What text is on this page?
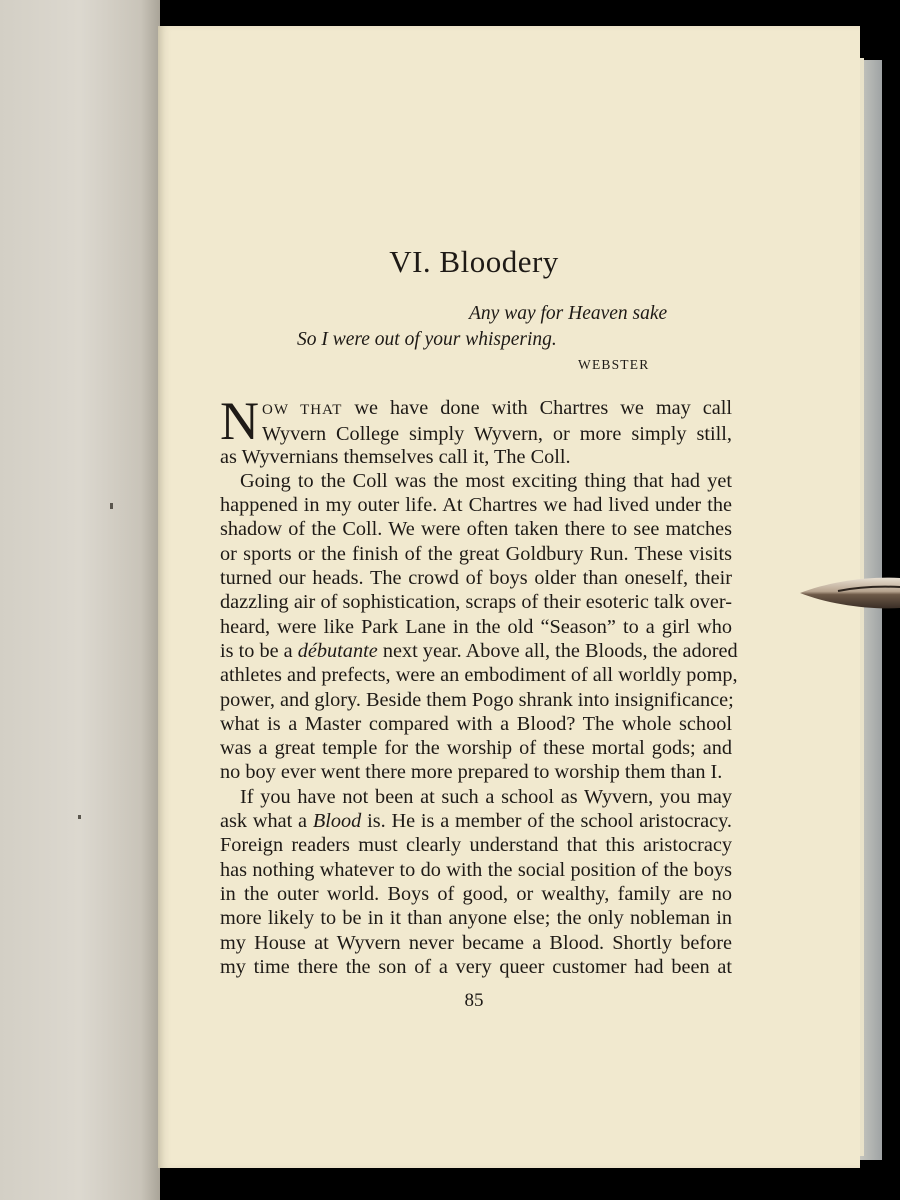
VI. Bloodery
Any way for Heaven sake
So I were out of your whispering.
WEBSTER
N OW THAT we have done with Chartres we may call
Wyvern College simply Wyvern, or more simply still,
as Wyvernians themselves call it, The Coll.
Going to the Coll was the most exciting thing that had yet
happened in my outer life. At Chartres we had lived under the
shadow of the Coll. We were often taken there to see matches
or sports or the finish of the great Goldbury Run. These visits
turned our heads. The crowd of boys older than oneself, their
dazzling air of sophistication, scraps of their esoteric talk over-
heard, were like Park Lane in the old “Season” to a girl who
is to be a débutante next year. Above all, the Bloods, the adored
athletes and prefects, were an embodiment of all worldly pomp,
power, and glory. Beside them Pogo shrank into insignificance;
what is a Master compared with a Blood? The whole school
was a great temple for the worship of these mortal gods; and
no boy ever went there more prepared to worship them than I.
If you have not been at such a school as Wyvern, you may
ask what a Blood is. He is a member of the school aristocracy.
Foreign readers must clearly understand that this aristocracy
has nothing whatever to do with the social position of the boys
in the outer world. Boys of good, or wealthy, family are no
more likely to be in it than anyone else; the only nobleman in
my House at Wyvern never became a Blood. Shortly before
my time there the son of a very queer customer had been at
85
